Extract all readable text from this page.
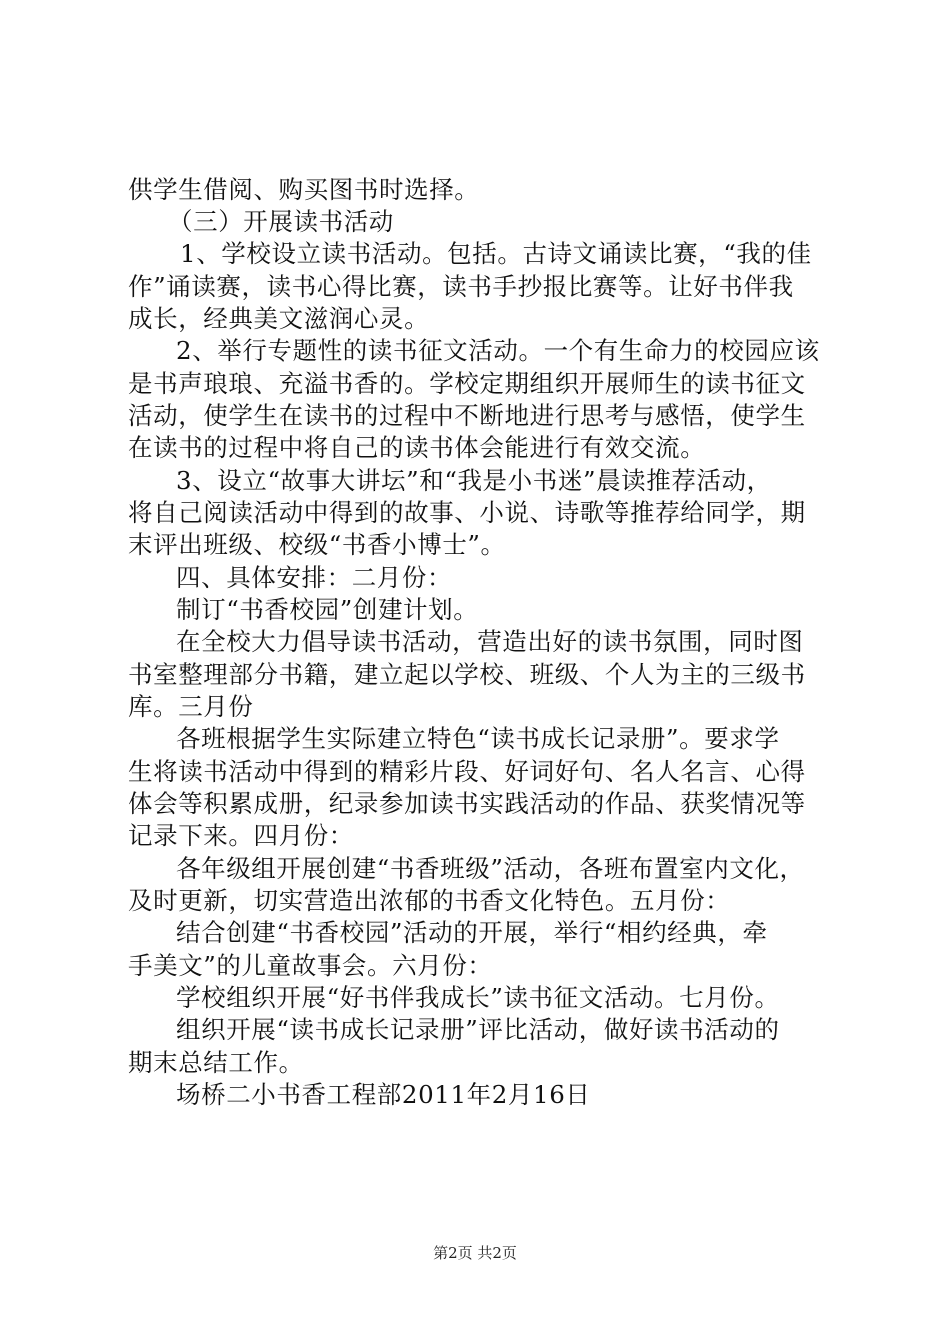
供学生借阅、购买图书时选择。
（三）开展读书活动
1、学校设立读书活动。包括。古诗文诵读比赛，“我的佳
作”诵读赛，读书心得比赛，读书手抄报比赛等。让好书伴我
成长，经典美文滋润心灵。
2、举行专题性的读书征文活动。一个有生命力的校园应该
是书声琅琅、充溢书香的。学校定期组织开展师生的读书征文
活动，使学生在读书的过程中不断地进行思考与感悟，使学生
在读书的过程中将自己的读书体会能进行有效交流。
3、设立“故事大讲坛”和“我是小书迷”晨读推荐活动，
将自己阅读活动中得到的故事、小说、诗歌等推荐给同学，期
末评出班级、校级“书香小博士”。
四、具体安排：二月份：
制订“书香校园”创建计划。
在全校大力倡导读书活动，营造出好的读书氛围，同时图
书室整理部分书籍，建立起以学校、班级、个人为主的三级书
库。三月份
各班根据学生实际建立特色“读书成长记录册”。要求学
生将读书活动中得到的精彩片段、好词好句、名人名言、心得
体会等积累成册，纪录参加读书实践活动的作品、获奖情况等
记录下来。四月份：
各年级组开展创建“书香班级”活动，各班布置室内文化，
及时更新，切实营造出浓郁的书香文化特色。五月份：
结合创建“书香校园”活动的开展，举行“相约经典，牵
手美文”的儿童故事会。六月份：
学校组织开展“好书伴我成长”读书征文活动。七月份。
组织开展“读书成长记录册”评比活动，做好读书活动的
期末总结工作。
场桥二小书香工程部2011年2月16日
第2页 共2页
